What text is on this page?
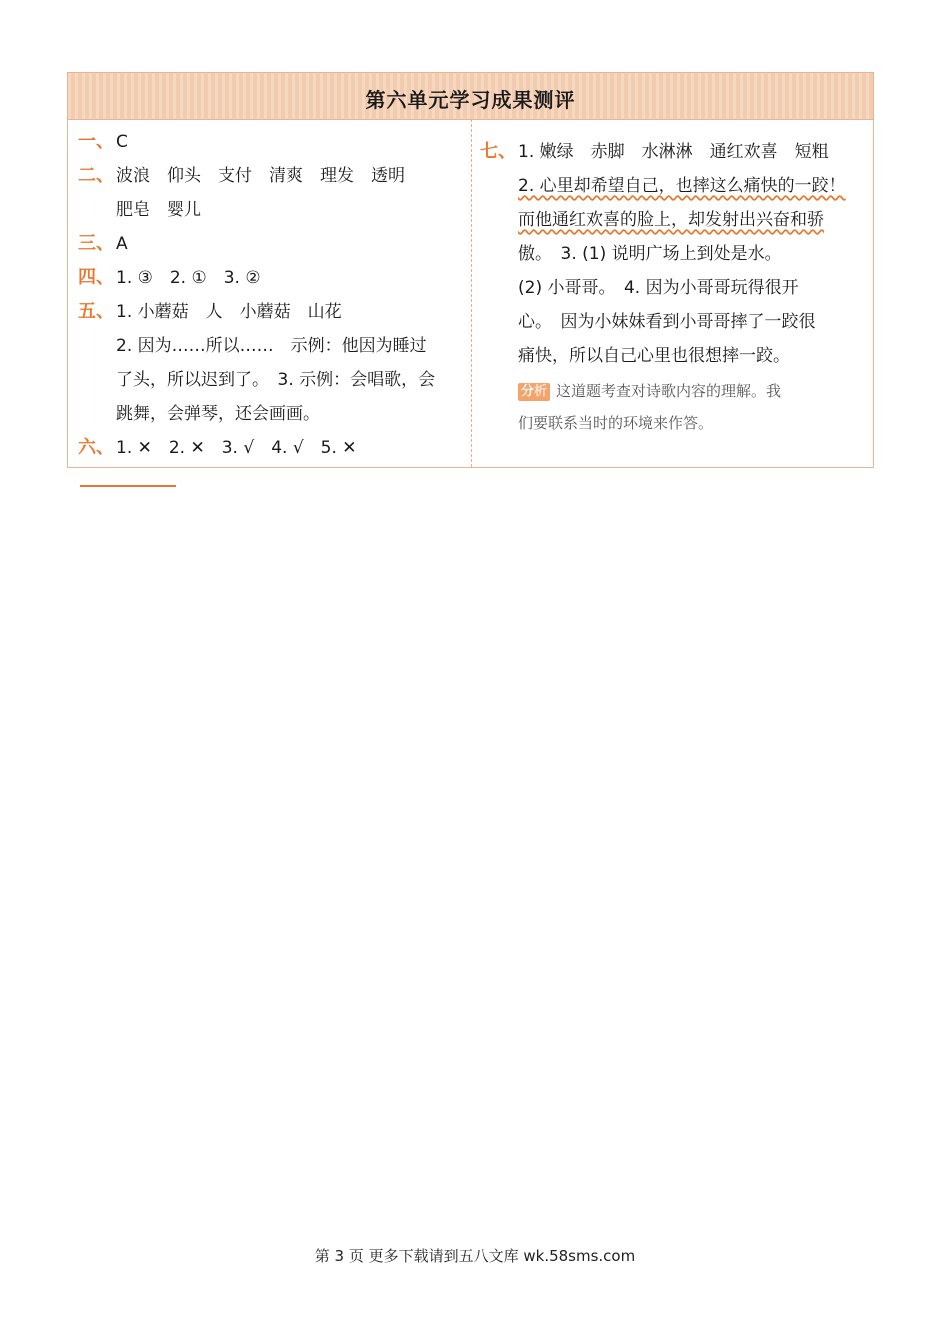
第六单元学习成果测评
一、 C
二、 波浪　仰头　支付　清爽　理发　透明
肥皂　婴儿
三、 A
四、 1. ③　2. ①　3. ②
五、 1. 小蘑菇　人　小蘑菇　山花
2. 因为……所以……　示例：他因为睡过
了头，所以迟到了。　3. 示例：会唱歌，会
跳舞，会弹琴，还会画画。
六、 1. ✕　2. ✕　3. √　4. √　5. ✕
七、 1. 嫩绿　赤脚　水淋淋　通红欢喜　短粗
2. 心里却希望自己，也摔这么痛快的一跤！
而他通红欢喜的脸上，却发射出兴奋和骄
傲。　3. (1) 说明广场上到处是水。
(2) 小哥哥。　4. 因为小哥哥玩得很开
心。　因为小妹妹看到小哥哥摔了一跤很
痛快，所以自己心里也很想摔一跤。
分析 这道题考查对诗歌内容的理解。我
们要联系当时的环境来作答。
第 3 页 更多下载请到五八文库 wk.58sms.com
